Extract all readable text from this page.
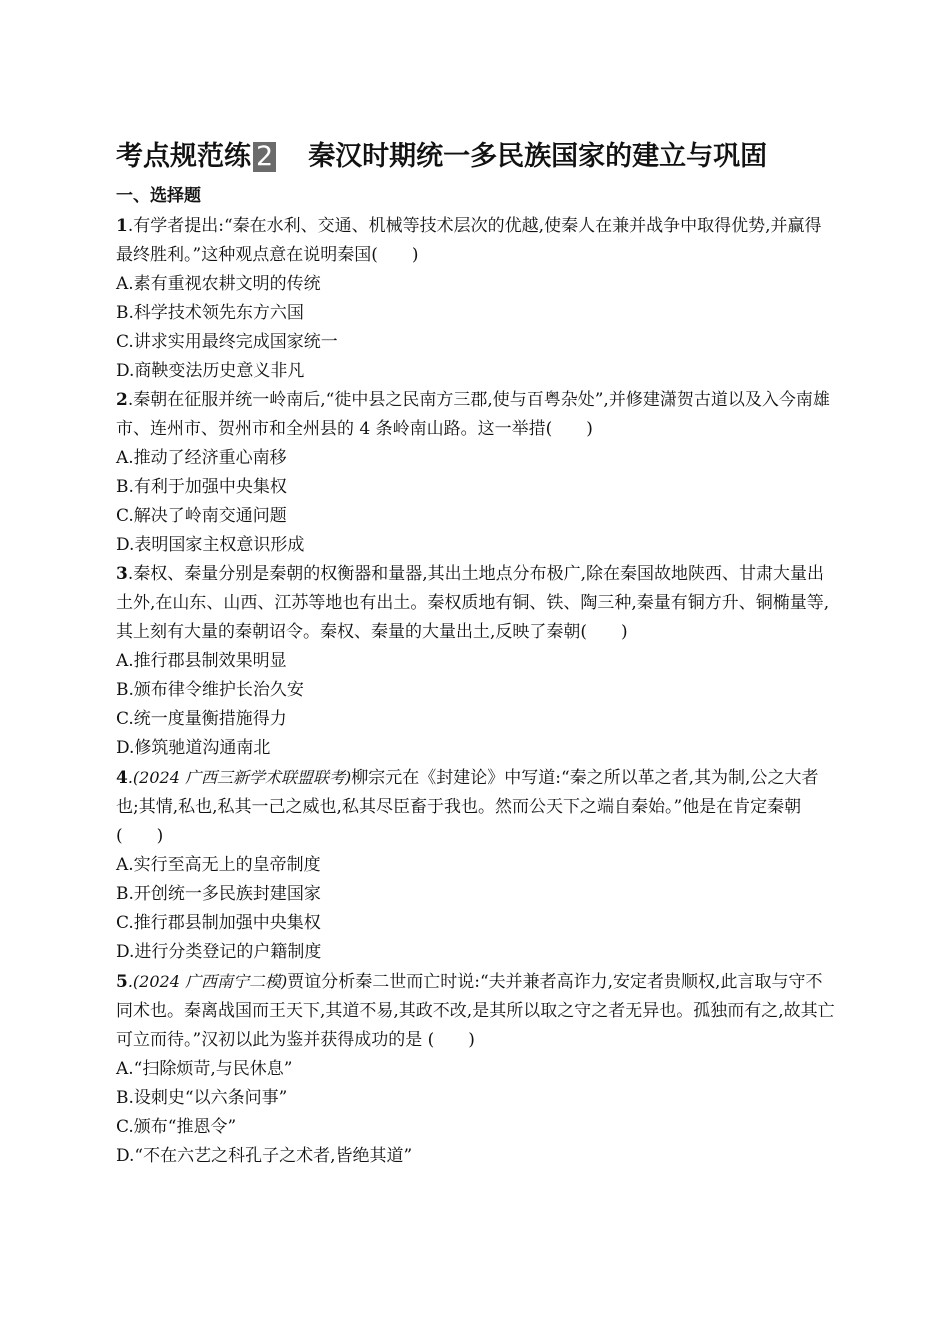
考点规范练 2 秦汉时期统一多民族国家的建立与巩固
一、选择题
1.有学者提出:“秦在水利、交通、机械等技术层次的优越,使秦人在兼并战争中取得优势,并赢得最终胜利。”这种观点意在说明秦国(　　)
A.素有重视农耕文明的传统
B.科学技术领先东方六国
C.讲求实用最终完成国家统一
D.商鞅变法历史意义非凡
2.秦朝在征服并统一岭南后,“徙中县之民南方三郡,使与百粤杂处”,并修建潇贺古道以及入今南雄市、连州市、贺州市和全州县的 4 条岭南山路。这一举措(　　)
A.推动了经济重心南移
B.有利于加强中央集权
C.解决了岭南交通问题
D.表明国家主权意识形成
3.秦权、秦量分别是秦朝的权衡器和量器,其出土地点分布极广,除在秦国故地陕西、甘肃大量出土外,在山东、山西、江苏等地也有出土。秦权质地有铜、铁、陶三种,秦量有铜方升、铜椭量等,其上刻有大量的秦朝诏令。秦权、秦量的大量出土,反映了秦朝(　　)
A.推行郡县制效果明显
B.颁布律令维护长治久安
C.统一度量衡措施得力
D.修筑驰道沟通南北
4.(2024 广西三新学术联盟联考)柳宗元在《封建论》中写道:“秦之所以革之者,其为制,公之大者也;其情,私也,私其一己之威也,私其尽臣畜于我也。然而公天下之端自秦始。”他是在肯定秦朝(　　)
A.实行至高无上的皇帝制度
B.开创统一多民族封建国家
C.推行郡县制加强中央集权
D.进行分类登记的户籍制度
5.(2024 广西南宁二模)贾谊分析秦二世而亡时说:“夫并兼者高诈力,安定者贵顺权,此言取与守不同术也。秦离战国而王天下,其道不易,其政不改,是其所以取之守之者无异也。孤独而有之,故其亡可立而待。”汉初以此为鉴并获得成功的是 (　　)
A.“扫除烦苛,与民休息”
B.设刺史“以六条问事”
C.颁布“推恩令”
D.“不在六艺之科孔子之术者,皆绝其道”
